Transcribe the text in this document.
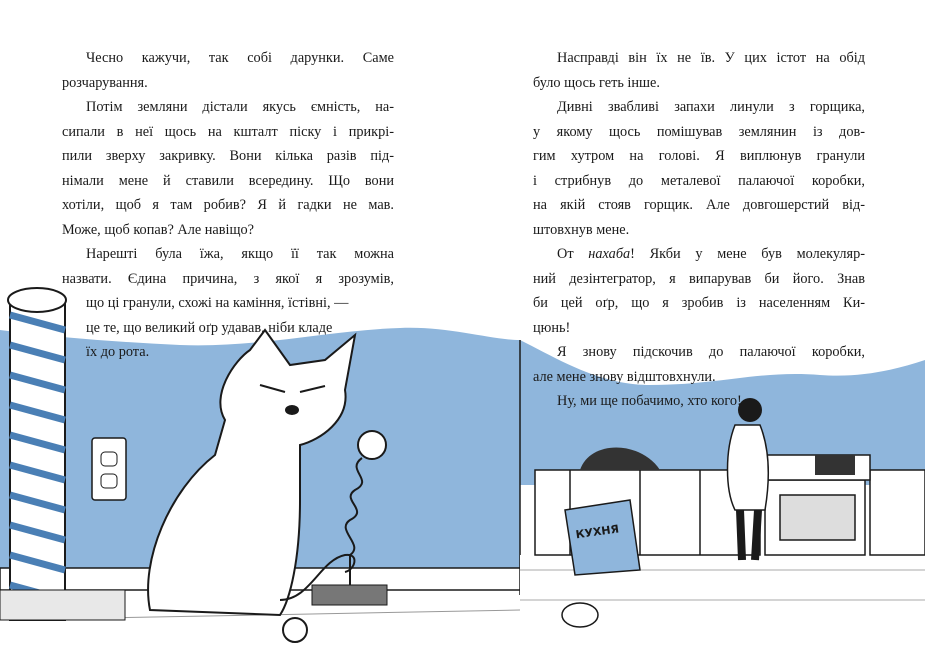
КУХНЯ
Чесно кажучи, так собі дарунки. Саме
розчарування.
Потім земляни дістали якусь ємність, на-
сипали в неї щось на кшталт піску і прикрі-
пили зверху закривку. Вони кілька разів під-
німали мене й ставили всередину. Що вони
хотіли, щоб я там робив? Я й гадки не мав.
Може, щоб копав? Але навіщо?
Нарешті була їжа, якщо її так можна
назвати. Єдина причина, з якої я зрозумів,
що ці гранули, схожі на каміння, їстівні, —
це те, що великий оґр удавав, ніби кладе
їх до рота.
Насправді він їх не їв. У цих істот на обід
було щось геть інше.
Дивні звабливі запахи линули з горщика,
у якому щось помішував землянин із дов-
гим хутром на голові. Я виплюнув гранули
і стрибнув до металевої палаючої коробки,
на якій стояв горщик. Але довгошерстий від-
штовхнув мене.
От нахаба! Якби у мене був молекуляр-
ний дезінтегратор, я випарував би його. Знав
би цей оґр, що я зробив із населенням Ки-
цюнь!
Я знову підскочив до палаючої коробки,
але мене знову відштовхнули.
Ну, ми ще побачимо, хто кого!
